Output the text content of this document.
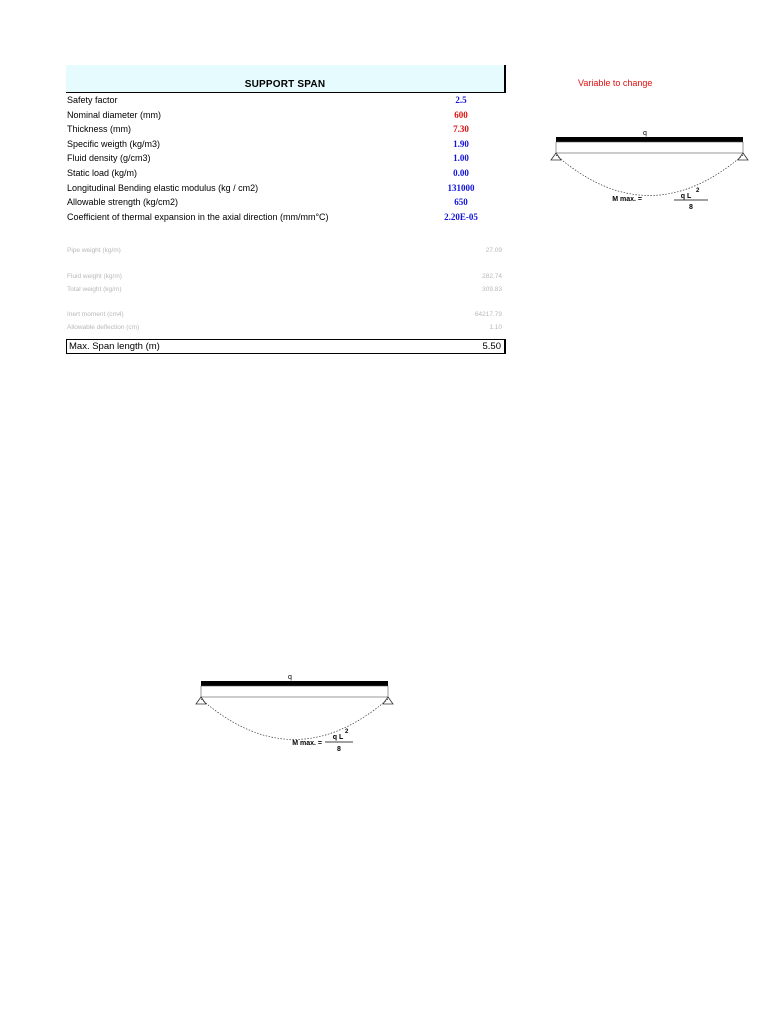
SUPPORT SPAN
Safety factor	2.5
Nominal diameter (mm)	600
Thickness (mm)	7.30
Specific weigth (kg/m3)	1.90
Fluid density (g/cm3)	1.00
Static load (kg/m)	0.00
Longitudinal Bending elastic modulus (kg / cm2)	131000
Allowable strength (kg/cm2)	650
Coefficient of thermal expansion in the axial direction (mm/mm°C)	2.20E-05
Pipe weight (kg/m)	27.09
Fluid weight (kg/m)	282.74
Total weight (kg/m)	309.83
Inert moment (cm4)	64217.79
Allowable deflection (cm)	1.10
Max. Span length (m)	5.50
Variable to change
q
M max. =	q L
2
8
q
M max. =
q L
2
8
